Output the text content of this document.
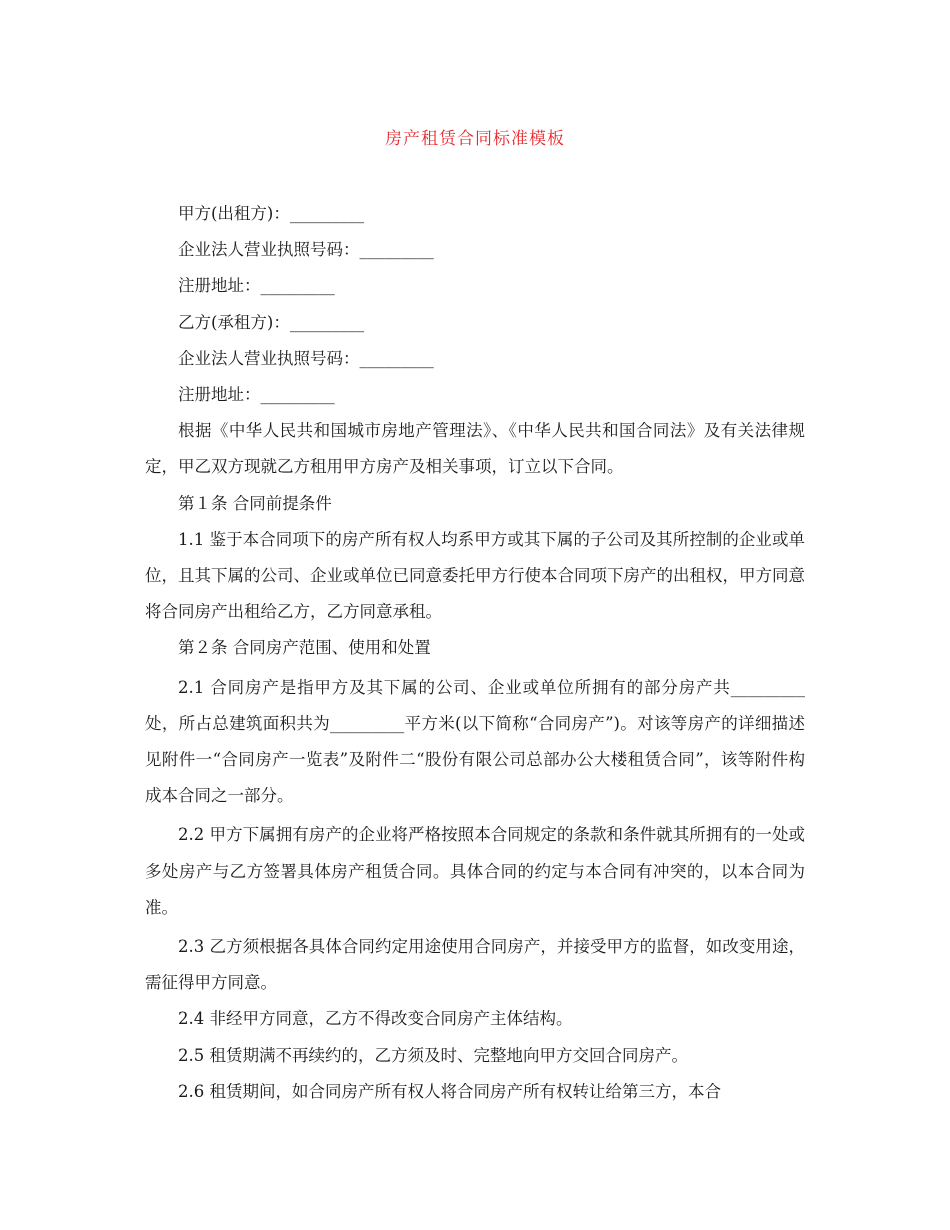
房产租赁合同标准模板

甲方(出租方)：_________

企业法人营业执照号码：_________

注册地址：_________

乙方(承租方)：_________

企业法人营业执照号码：_________

注册地址：_________

根据《中华人民共和国城市房地产管理法》、《中华人民共和国合同法》及有关法律规定，甲乙双方现就乙方租用甲方房产及相关事项，订立以下合同。

第１条 合同前提条件

1.1 鉴于本合同项下的房产所有权人均系甲方或其下属的子公司及其所控制的企业或单位，且其下属的公司、企业或单位已同意委托甲方行使本合同项下房产的出租权，甲方同意将合同房产出租给乙方，乙方同意承租。

第２条 合同房产范围、使用和处置

2.1 合同房产是指甲方及其下属的公司、企业或单位所拥有的部分房产共_________处，所占总建筑面积共为_________平方米(以下简称“合同房产”)。对该等房产的详细描述见附件一“合同房产一览表”及附件二“股份有限公司总部办公大楼租赁合同”，该等附件构成本合同之一部分。

2.2 甲方下属拥有房产的企业将严格按照本合同规定的条款和条件就其所拥有的一处或多处房产与乙方签署具体房产租赁合同。具体合同的约定与本合同有冲突的，以本合同为准。

2.3 乙方须根据各具体合同约定用途使用合同房产，并接受甲方的监督，如改变用途，需征得甲方同意。

2.4 非经甲方同意，乙方不得改变合同房产主体结构。

2.5 租赁期满不再续约的，乙方须及时、完整地向甲方交回合同房产。

2.6 租赁期间，如合同房产所有权人将合同房产所有权转让给第三方，本合
